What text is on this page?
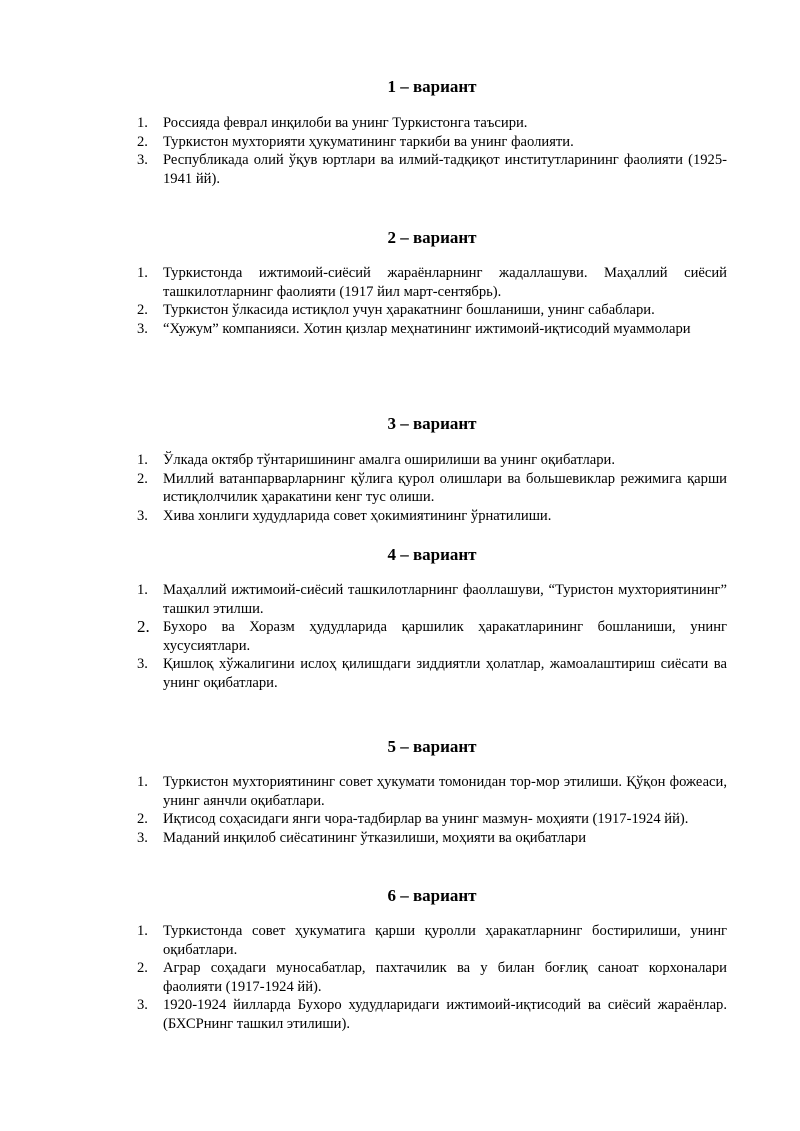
1 – вариант
1. Россияда феврал инқилоби ва унинг Туркистонга таъсири.
2. Туркистон мухторияти ҳукуматининг таркиби ва унинг фаолияти.
3. Республикада олий ўқув юртлари ва илмий-тадқиқот институтларининг фаолияти (1925-1941 йй).
2 – вариант
1. Туркистонда ижтимоий-сиёсий жараёнларнинг жадаллашуви. Маҳаллий сиёсий ташкилотларнинг фаолияти (1917 йил март-сентябрь).
2. Туркистон ўлкасида истиқлол учун ҳаракатнинг бошланиши, унинг сабаблари.
3. “Хужум” компанияси. Хотин қизлар меҳнатининг ижтимоий-иқтисодий муаммолари
3 – вариант
1. Ўлкада октябр тўнтаришининг амалга оширилиши ва унинг оқибатлари.
2. Миллий ватанпарварларнинг қўлига қурол олишлари ва большевиклар режимига қарши истиқлолчилик ҳаракатини кенг тус олиши.
3. Хива хонлиги худудларида совет ҳокимиятининг ўрнатилиши.
4 – вариант
1. Маҳаллий ижтимоий-сиёсий ташкилотларнинг фаоллашуви, “Туристон мухториятининг” ташкил этилши.
2. Бухоро ва Хоразм ҳудудларида қаршилик ҳаракатларининг бошланиши, унинг хусусиятлари.
3. Қишлоқ хўжалигини ислоҳ қилишдаги зиддиятли ҳолатлар, жамоалаштириш сиёсати ва унинг оқибатлари.
5 – вариант
1. Туркистон мухториятининг совет ҳукумати томонидан тор-мор этилиши. Қўқон фожеаси, унинг аянчли оқибатлари.
2. Иқтисод соҳасидаги янги чора-тадбирлар ва унинг мазмун- моҳияти (1917-1924 йй).
3. Маданий инқилоб сиёсатининг ўтказилиши, моҳияти ва оқибатлари
6 – вариант
1. Туркистонда совет ҳукуматига қарши қуролли ҳаракатларнинг бостирилиши, унинг оқибатлари.
2. Аграр соҳадаги муносабатлар, пахтачилик ва у билан боғлиқ саноат корхоналари фаолияти (1917-1924 йй).
3. 1920-1924 йилларда Бухоро худудларидаги ижтимоий-иқтисодий ва сиёсий жараёнлар. (БХСРнинг ташкил этилиши).
